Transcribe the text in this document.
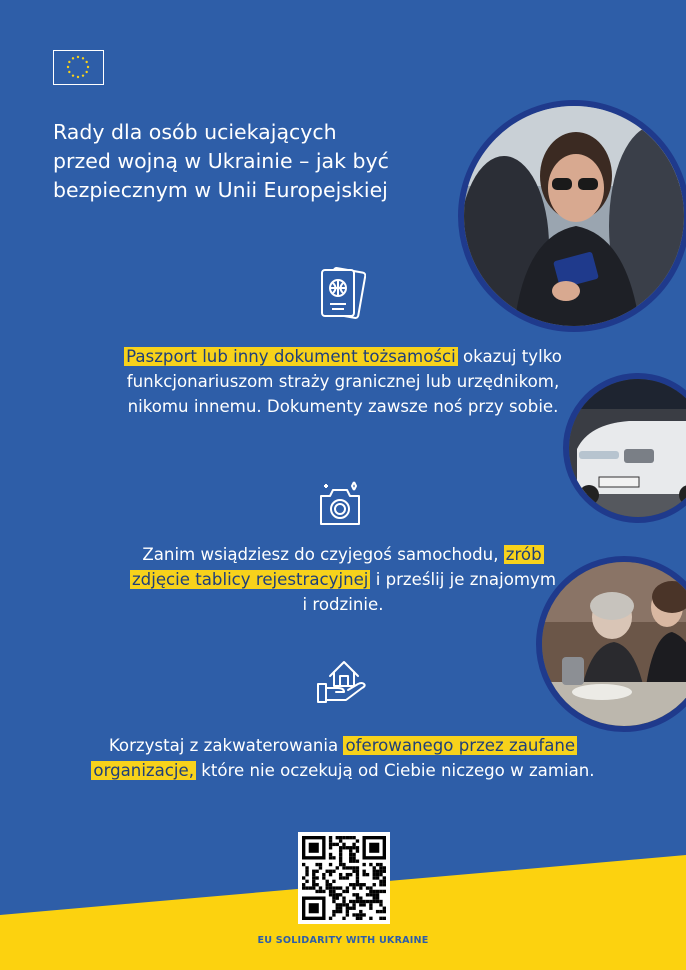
Rady dla osób uciekających
przed wojną w Ukrainie – jak być
bezpiecznym w Unii Europejskiej
Paszport lub inny dokument tożsamości okazuj tylko
funkcjonariuszom straży granicznej lub urzędnikom,
nikomu innemu. Dokumenty zawsze noś przy sobie.
Zanim wsiądziesz do czyjegoś samochodu, zrób
zdjęcie tablicy rejestracyjnej i prześlij je znajomym
i rodzinie.
Korzystaj z zakwaterowania oferowanego przez zaufane
organizacje, które nie oczekują od Ciebie niczego w zamian.
EU SOLIDARITY WITH UKRAINE
